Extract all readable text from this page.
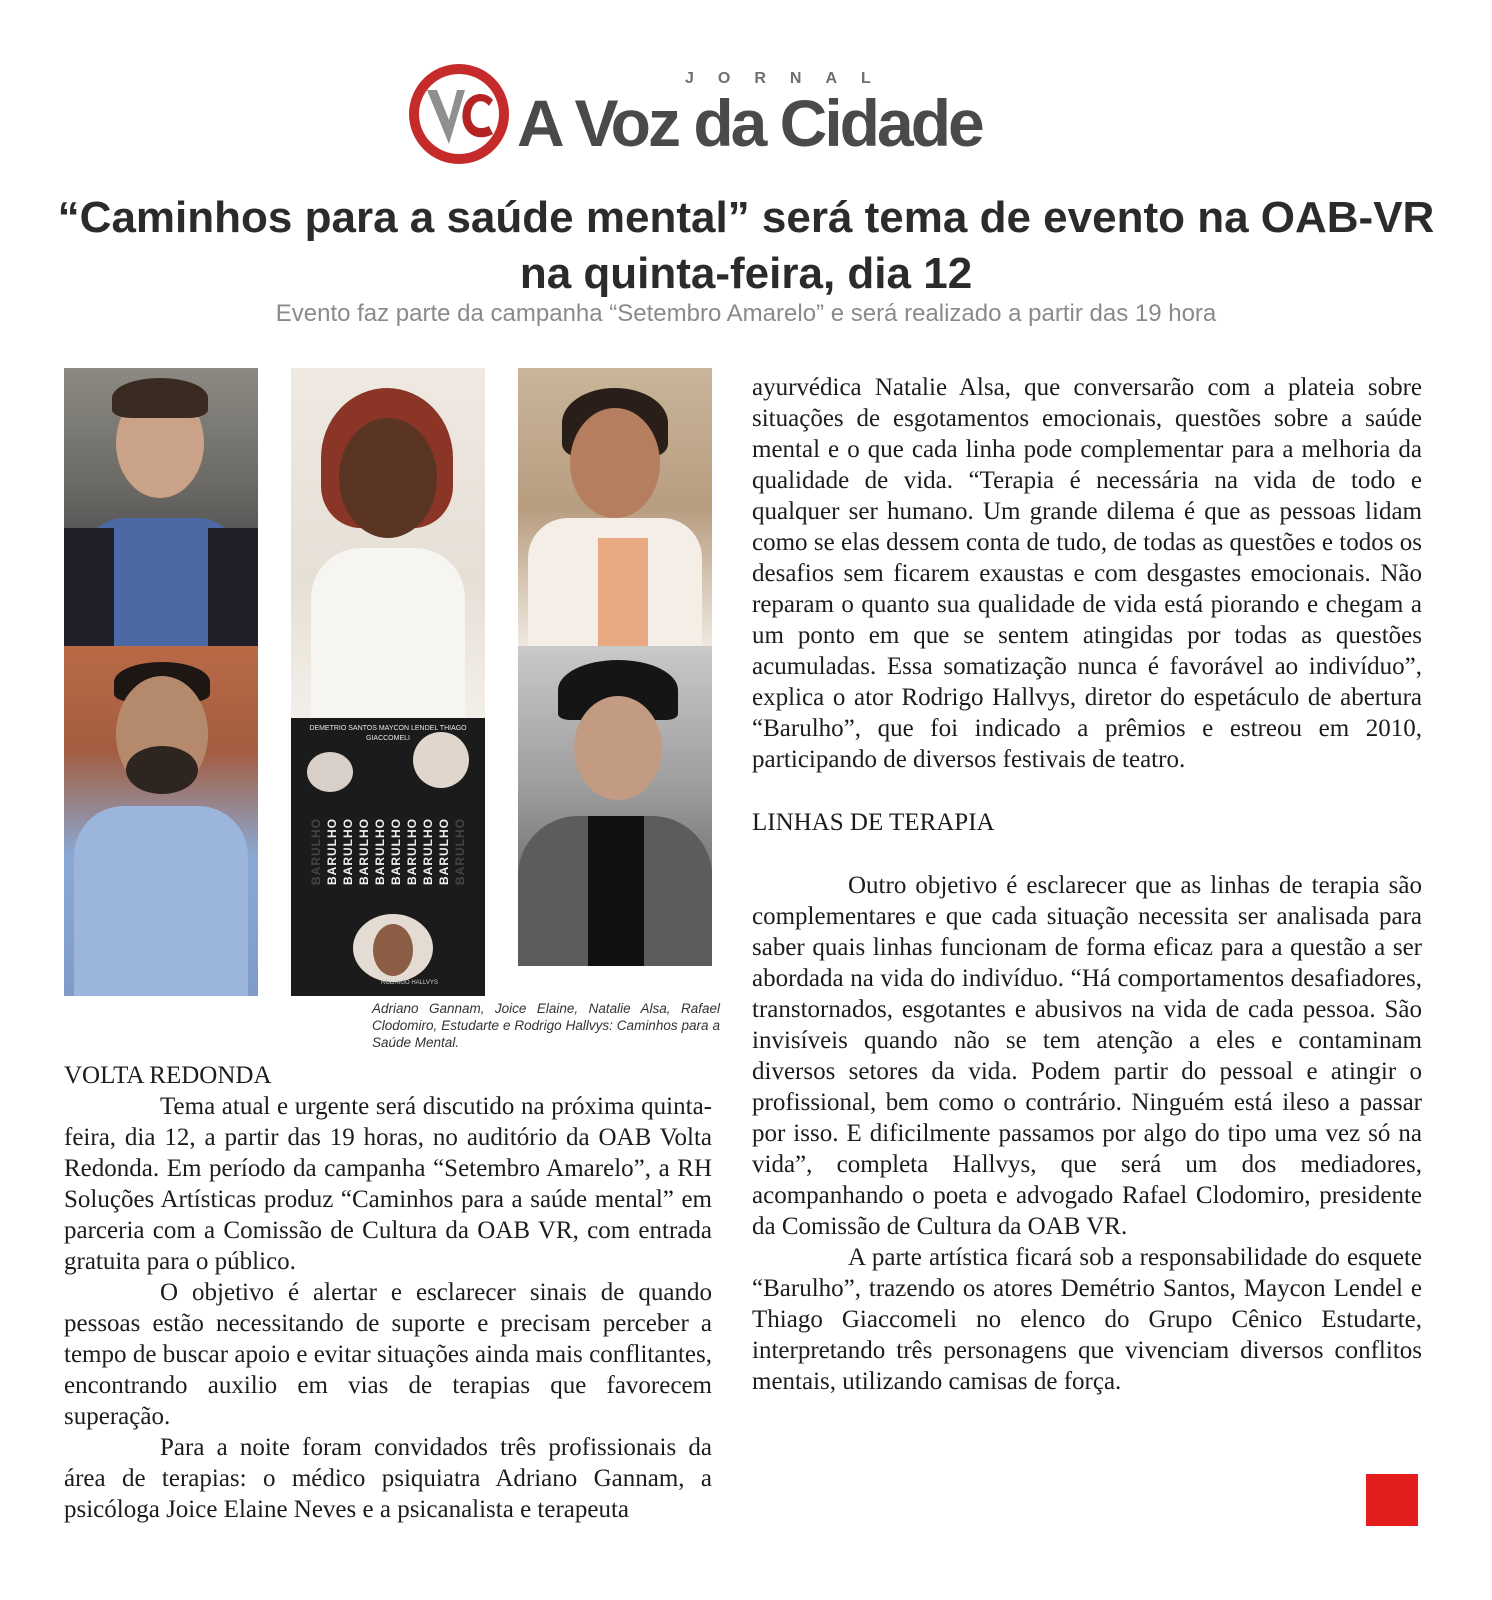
JORNAL
A Voz da Cidade
“Caminhos para a saúde mental” será tema de evento na OAB-VR na quinta-feira, dia 12

Evento faz parte da campanha “Setembro Amarelo” e será realizado a partir das 19 hora

DEMETRIO SANTOS MAYCON LENDEL THIAGO GIACCOMELI
BARULHO BARULHO BARULHO BARULHO BARULHO BARULHO BARULHO BARULHO BARULHO BARULHO
RODRIGO HALLVYS

Adriano Gannam, Joice Elaine, Natalie Alsa, Rafael Clodomiro, Estudarte e Rodrigo Hallvys: Caminhos para a Saúde Mental.

VOLTA REDONDA

Tema atual e urgente será discutido na próxima quinta-feira, dia 12, a partir das 19 horas, no auditório da OAB Volta Redonda. Em período da campanha “Setembro Amarelo”, a RH Soluções Artísticas produz “Caminhos para a saúde mental” em parceria com a Comissão de Cultura da OAB VR, com entrada gratuita para o público.

O objetivo é alertar e esclarecer sinais de quando pessoas estão necessitando de suporte e precisam perceber a tempo de buscar apoio e evitar situações ainda mais conflitantes, encontrando auxilio em vias de terapias que favorecem superação.

Para a noite foram convidados três profissionais da área de terapias: o médico psiquiatra Adriano Gannam, a psicóloga Joice Elaine Neves e a psicanalista e terapeuta

ayurvédica Natalie Alsa, que conversarão com a plateia sobre situações de esgotamentos emocionais, questões sobre a saúde mental e o que cada linha pode complementar para a melhoria da qualidade de vida. “Terapia é necessária na vida de todo e qualquer ser humano. Um grande dilema é que as pessoas lidam como se elas dessem conta de tudo, de todas as questões e todos os desafios sem ficarem exaustas e com desgastes emocionais. Não reparam o quanto sua qualidade de vida está piorando e chegam a um ponto em que se sentem atingidas por todas as questões acumuladas. Essa somatização nunca é favorável ao indivíduo”, explica o ator Rodrigo Hallvys, diretor do espetáculo de abertura “Barulho”, que foi indicado a prêmios e estreou em 2010, participando de diversos festivais de teatro.

LINHAS DE TERAPIA

Outro objetivo é esclarecer que as linhas de terapia são complementares e que cada situação necessita ser analisada para saber quais linhas funcionam de forma eficaz para a questão a ser abordada na vida do indivíduo. “Há comportamentos desafiadores, transtornados, esgotantes e abusivos na vida de cada pessoa. São invisíveis quando não se tem atenção a eles e contaminam diversos setores da vida. Podem partir do pessoal e atingir o profissional, bem como o contrário. Ninguém está ileso a passar por isso. E dificilmente passamos por algo do tipo uma vez só na vida”, completa Hallvys, que será um dos mediadores, acompanhando o poeta e advogado Rafael Clodomiro, presidente da Comissão de Cultura da OAB VR.

A parte artística ficará sob a responsabilidade do esquete “Barulho”, trazendo os atores Demétrio Santos, Maycon Lendel e Thiago Giaccomeli no elenco do Grupo Cênico Estudarte, interpretando três personagens que vivenciam diversos conflitos mentais, utilizando camisas de força.
